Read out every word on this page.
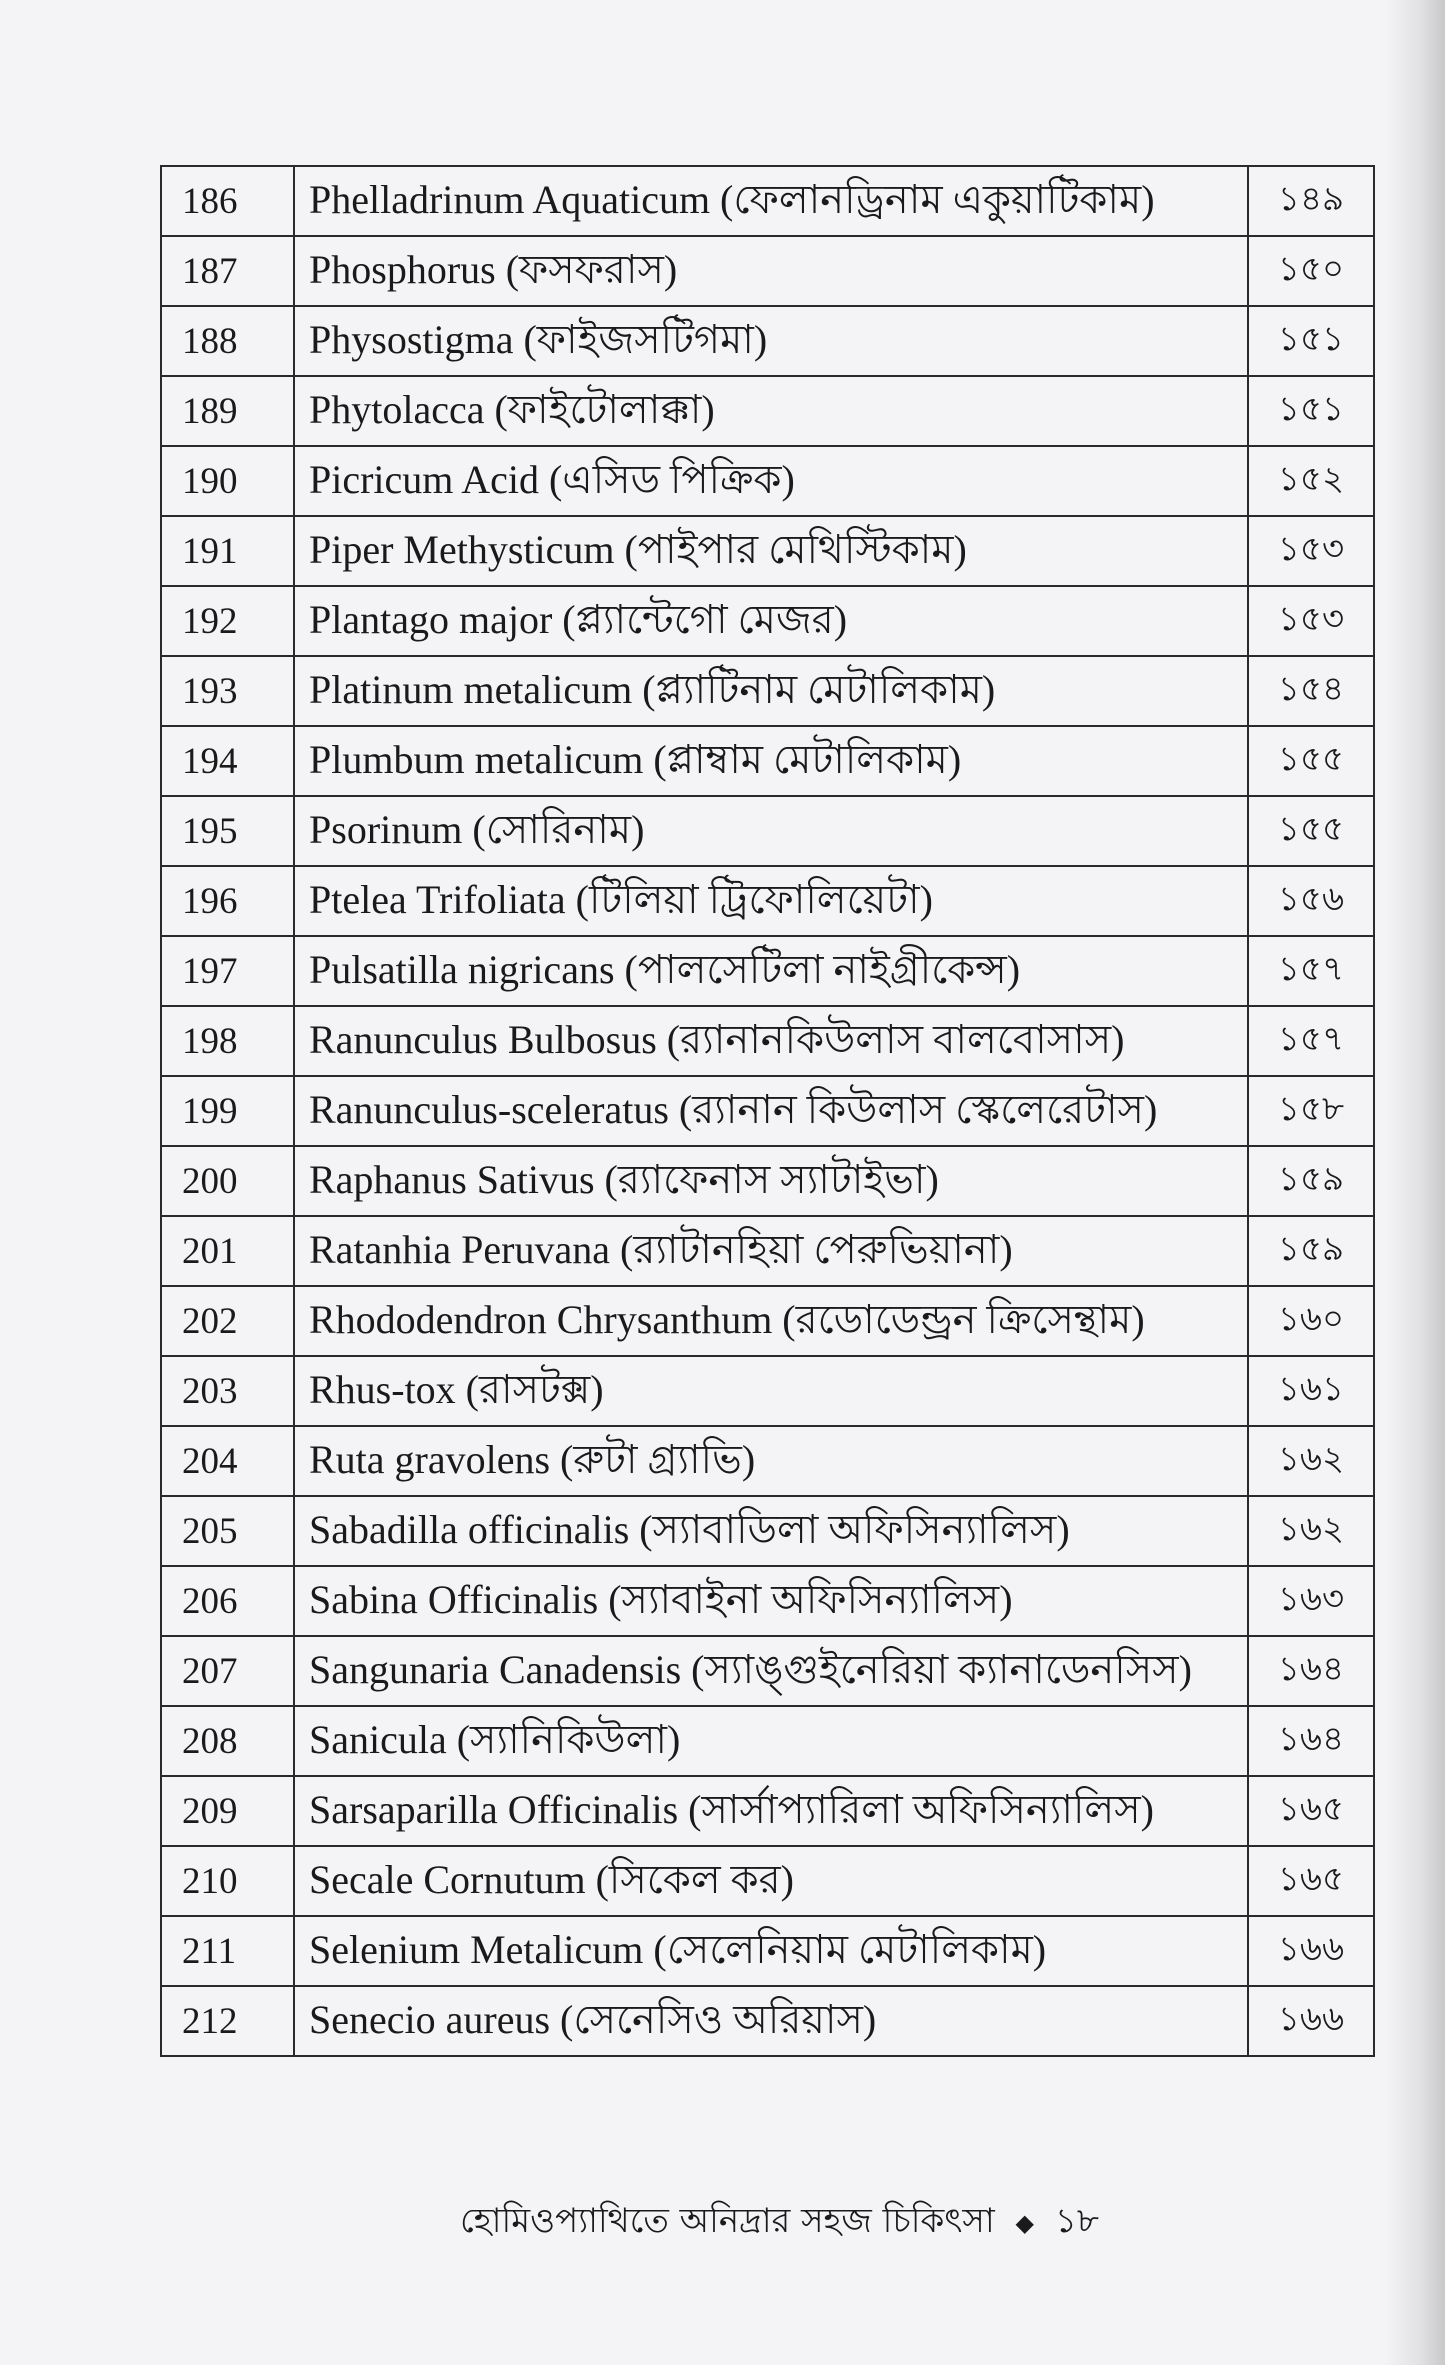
186	Phelladrinum Aquaticum (ফেলানড্রিনাম একুয়াটিকাম)	১৪৯
187	Phosphorus (ফসফরাস)	১৫০
188	Physostigma (ফাইজসটিগমা)	১৫১
189	Phytolacca (ফাইটোলাক্কা)	১৫১
190	Picricum Acid (এসিড পিক্রিক)	১৫২
191	Piper Methysticum (পাইপার মেথিস্টিকাম)	১৫৩
192	Plantago major (প্ল্যান্টেগো মেজর)	১৫৩
193	Platinum metalicum (প্ল্যাটিনাম মেটালিকাম)	১৫৪
194	Plumbum metalicum (প্লাম্বাম মেটালিকাম)	১৫৫
195	Psorinum (সোরিনাম)	১৫৫
196	Ptelea Trifoliata (টিলিয়া ট্রিফোলিয়েটা)	১৫৬
197	Pulsatilla nigricans (পালসেটিলা নাইগ্রীকেন্স)	১৫৭
198	Ranunculus Bulbosus (র‍্যানানকিউলাস বালবোসাস)	১৫৭
199	Ranunculus-sceleratus (র‍্যানান কিউলাস স্কেলেরেটাস)	১৫৮
200	Raphanus Sativus (র‍্যাফেনাস স্যাটাইভা)	১৫৯
201	Ratanhia Peruvana (র‍্যাটানহিয়া পেরুভিয়ানা)	১৫৯
202	Rhododendron Chrysanthum (রডোডেন্ড্রন ক্রিসেন্থাম)	১৬০
203	Rhus-tox (রাসটক্স)	১৬১
204	Ruta gravolens (রুটা গ্র্যাভি)	১৬২
205	Sabadilla officinalis (স্যাবাডিলা অফিসিন্যালিস)	১৬২
206	Sabina Officinalis (স্যাবাইনা অফিসিন্যালিস)	১৬৩
207	Sangunaria Canadensis (স্যাঙ্গুইনেরিয়া ক্যানাডেনসিস)	১৬৪
208	Sanicula (স্যানিকিউলা)	১৬৪
209	Sarsaparilla Officinalis (সার্সাপ্যারিলা অফিসিন্যালিস)	১৬৫
210	Secale Cornutum (সিকেল কর)	১৬৫
211	Selenium Metalicum (সেলেনিয়াম মেটালিকাম)	১৬৬
212	Senecio aureus (সেনেসিও অরিয়াস)	১৬৬
হোমিওপ্যাথিতে অনিদ্রার সহজ চিকিৎসা ◆ ১৮
